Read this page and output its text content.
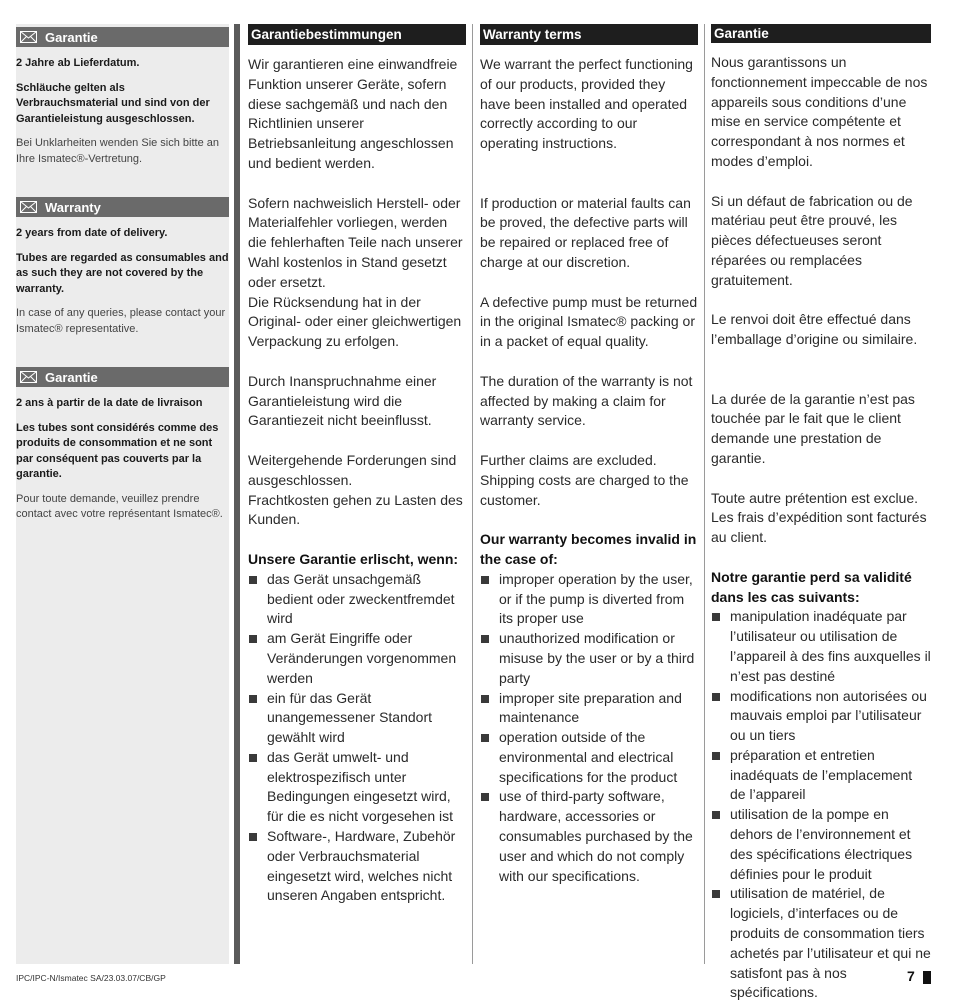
Garantie

2 Jahre ab Lieferdatum.

Schläuche gelten als Verbrauchsmaterial und sind von der Garantieleistung ausgeschlossen.

Bei Unklarheiten wenden Sie sich bitte an Ihre Ismatec®-Vertretung.

Warranty

2 years from date of delivery.

Tubes are regarded as consumables and as such they are not covered by the warranty.

In case of any queries, please contact your Ismatec® representative.

Garantie

2 ans à partir de la date de livraison

Les tubes sont considérés comme des produits de consommation et ne sont par conséquent pas couverts par la garantie.

Pour toute demande, veuillez prendre contact avec votre représentant Ismatec®.

Garantiebestimmungen

Wir garantieren eine einwandfreie Funktion unserer Geräte, sofern diese sachgemäß und nach den Richtlinien unserer Betriebsanleitung angeschlossen und bedient werden.

Sofern nachweislich Herstell- oder Materialfehler vorliegen, werden die fehlerhaften Teile nach unserer Wahl kostenlos in Stand gesetzt oder ersetzt.

Die Rücksendung hat in der Original- oder einer gleichwertigen Verpackung zu erfolgen.

Durch Inanspruchnahme einer Garantieleistung wird die Garantiezeit nicht beeinflusst.

Weitergehende Forderungen sind ausgeschlossen.

Frachtkosten gehen zu Lasten des Kunden.

Unsere Garantie erlischt, wenn:

das Gerät unsachgemäß bedient oder zweckentfremdet wird
am Gerät Eingriffe oder Veränderungen vorgenommen werden
ein für das Gerät unangemessener Standort gewählt wird
das Gerät umwelt- und elektrospezifisch unter Bedingungen eingesetzt wird, für die es nicht vorgesehen ist
Software-, Hardware, Zubehör oder Verbrauchsmaterial eingesetzt wird, welches nicht unseren Angaben entspricht.
Warranty terms

We warrant the perfect functioning of our products, provided they have been installed and operated correctly according to our operating instructions.

If production or material faults can be proved, the defective parts will be repaired or replaced free of charge at our discretion.

A defective pump must be returned in the original Ismatec® packing or in a packet of equal quality.

The duration of the warranty is not affected by making a claim for warranty service.

Further claims are excluded. Shipping costs are charged to the customer.

Our warranty becomes invalid in the case of:

improper operation by the user, or if the pump is diverted from its proper use
unauthorized modification or misuse by the user or by a third party
improper site preparation and maintenance
operation outside of the environmental and electrical specifications for the product
use of third-party software, hardware, accessories or consumables purchased by the user and which do not comply with our specifications.
Garantie

Nous garantissons un fonctionnement impeccable de nos appareils sous conditions d’une mise en service compétente et correspondant à nos normes et modes d’emploi.

Si un défaut de fabrication ou de matériau peut être prouvé, les pièces défectueuses seront réparées ou remplacées gratuitement.

Le renvoi doit être effectué dans l’emballage d’origine ou similaire.

La durée de la garantie n’est pas touchée par le fait que le client demande une prestation de garantie.

Toute autre prétention est exclue. Les frais d’expédition sont facturés au client.

Notre garantie perd sa validité dans les cas suivants:

manipulation inadéquate par l’utilisateur ou utilisation de l’appareil à des fins auxquelles il n’est pas destiné
modifications non autorisées ou mauvais emploi par l’utilisateur ou un tiers
préparation et entretien inadéquats de l’emplacement de l’appareil
utilisation de la pompe en dehors de l’environnement et des spécifications électriques définies pour le produit
utilisation de matériel, de logiciels, d’interfaces ou de produits de consommation tiers achetés par l’utilisateur et qui ne satisfont pas à nos spécifications.
IPC/IPC-N/Ismatec SA/23.03.07/CB/GP	7
